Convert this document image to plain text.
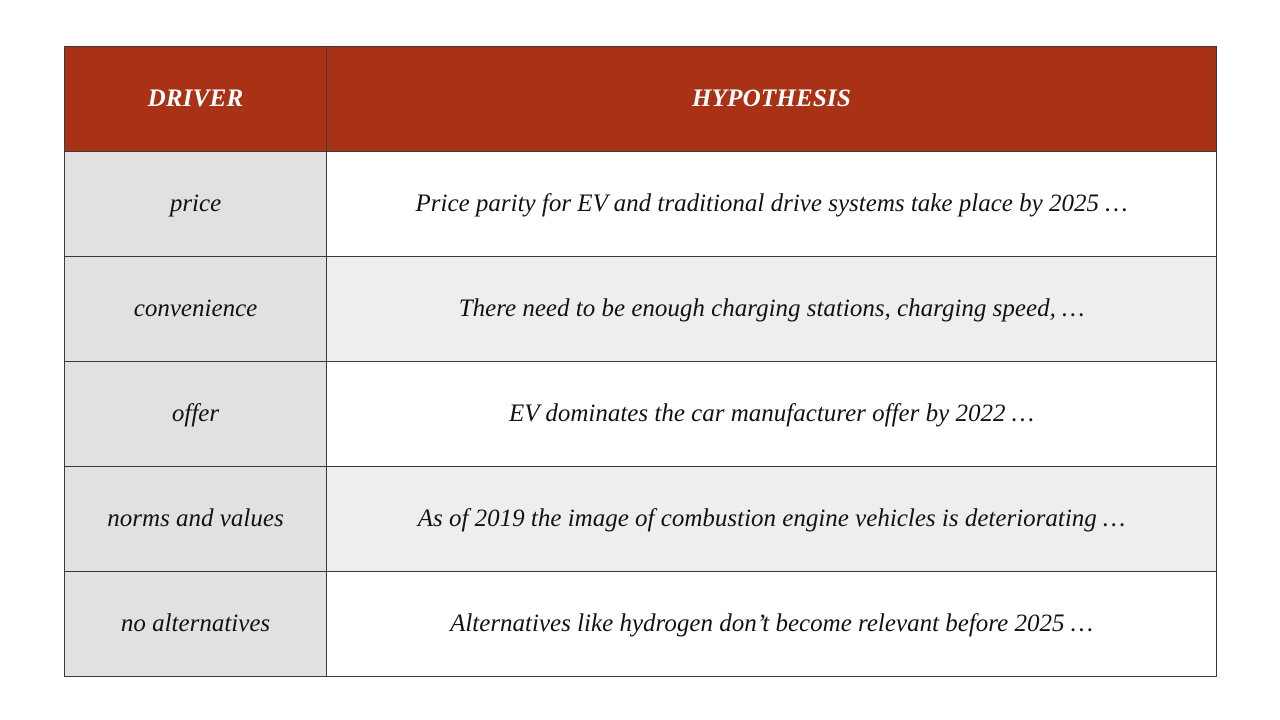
DRIVER	HYPOTHESIS
price	Price parity for EV and traditional drive systems take place by 2025 …
convenience	There need to be enough charging stations, charging speed, …
offer	EV dominates the car manufacturer offer by 2022 …
norms and values	As of 2019 the image of combustion engine vehicles is deteriorating …
no alternatives	Alternatives like hydrogen don’t become relevant before 2025 …
